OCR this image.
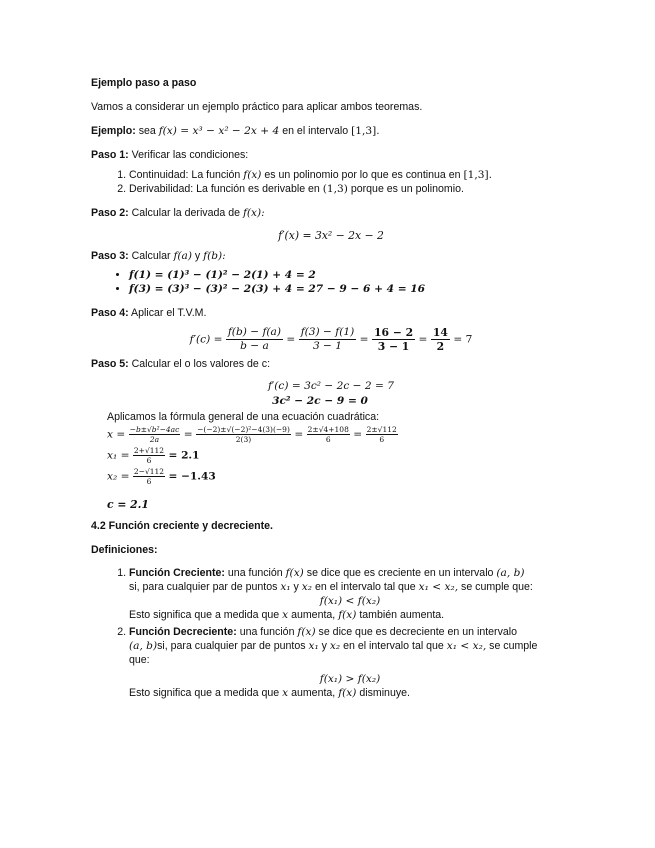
Ejemplo paso a paso

Vamos a considerar un ejemplo práctico para aplicar ambos teoremas.

Ejemplo: sea f(x) = x³ − x² − 2x + 4 en el intervalo [1,3].

Paso 1: Verificar las condiciones:

1. Continuidad: La función f(x) es un polinomio por lo que es continua en [1,3].
2. Derivabilidad: La función es derivable en (1,3) porque es un polinomio.

Paso 2: Calcular la derivada de f(x):

f′(x) = 3x² − 2x − 2

Paso 3: Calcular f(a) y f(b):

• f(1) = (1)³ − (1)² − 2(1) + 4 = 2
• f(3) = (3)³ − (3)² − 2(3) + 4 = 27 − 9 − 6 + 4 = 16

Paso 4: Aplicar el T.V.M.

$f'(c) = \frac{f(b) - f(a)}{b - a} = \frac{f(3) - f(1)}{3 - 1} = \frac{16 - 2}{3 - 1} = \frac{14}{2} = 7$

Paso 5: Calcular el o los valores de c:

f′(c) = 3c² − 2c − 2 = 7
3c² − 2c − 9 = 0

Aplicamos la fórmula general de una ecuación cuadrática:

$x = \frac{\text{−b±√b²−4ac}}{2a} = \frac{\text{−(−2)±√(−2)²−4(3)(−9)}}{2(3)} = \frac{2\pm√4+108}{6} = \frac{2\pm√112}{6}$
$x_1 = \frac{2+√112}{6} = 2.1$
$x_2 = \frac{2-√112}{6} = -1.43$
c = 2.1

4.2 Función creciente y decreciente.

Definiciones:

1. Función Creciente: una función f(x) se dice que es creciente en un intervalo (a, b)
si, para cualquier par de puntos x₁ y x₂ en el intervalo tal que x₁ < x₂, se cumple que:
f(x₁) < f(x₂)
Esto significa que a medida que x aumenta, f(x) también aumenta.
2. Función Decreciente: una función f(x) se dice que es decreciente en un intervalo
(a, b)si, para cualquier par de puntos x₁ y x₂ en el intervalo tal que x₁ < x₂, se cumple
que:
f(x₁) > f(x₂)
Esto significa que a medida que x aumenta, f(x) disminuye.
